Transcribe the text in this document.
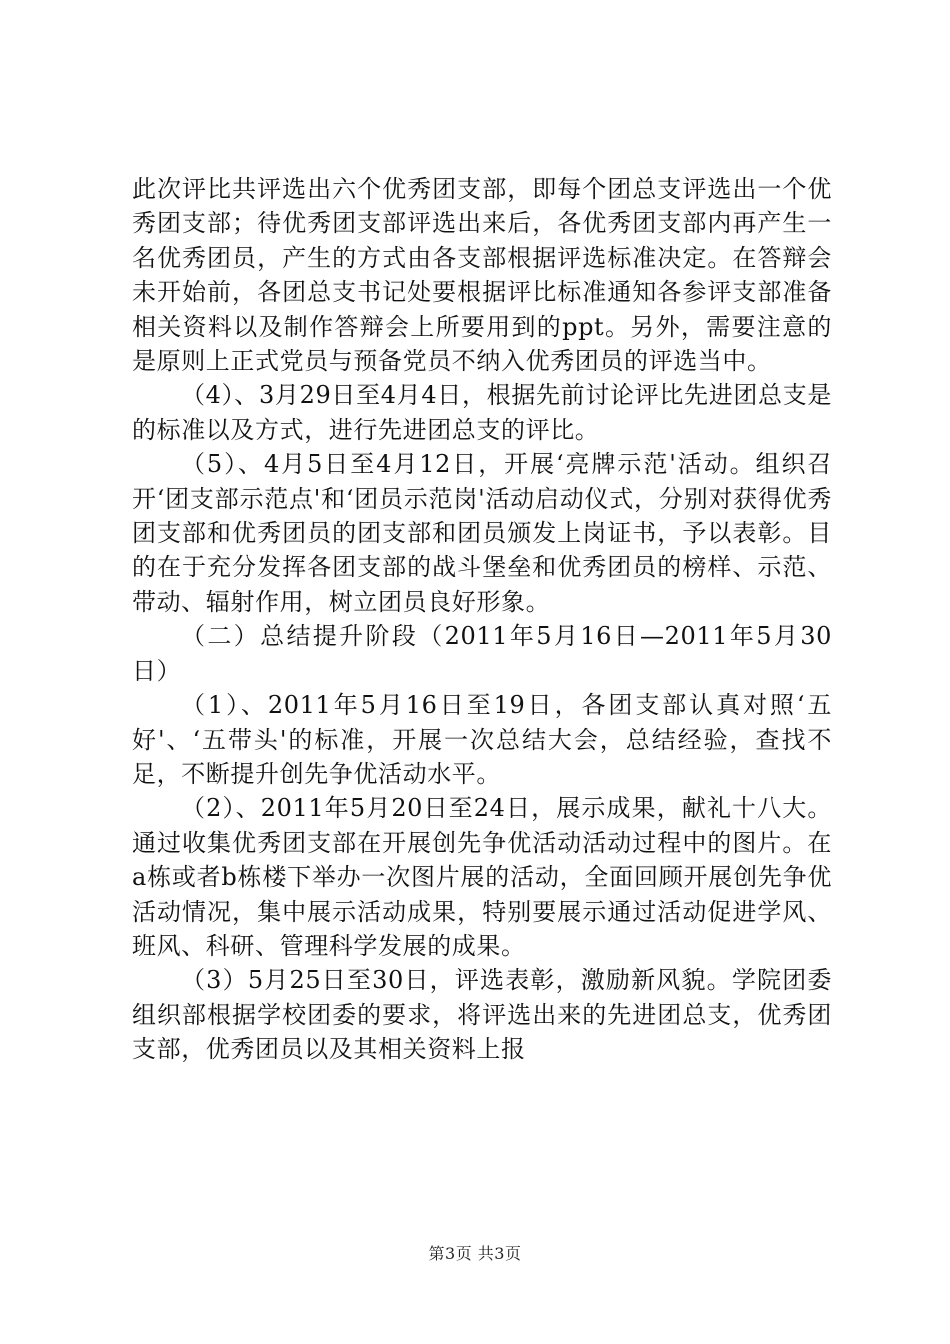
此次评比共评选出六个优秀团支部，即每个团总支评选出一个优秀团支部；待优秀团支部评选出来后，各优秀团支部内再产生一名优秀团员，产生的方式由各支部根据评选标准决定。在答辩会未开始前，各团总支书记处要根据评比标准通知各参评支部准备相关资料以及制作答辩会上所要用到的ppt。另外，需要注意的是原则上正式党员与预备党员不纳入优秀团员的评选当中。

（4）、3月29日至4月4日，根据先前讨论评比先进团总支是的标准以及方式，进行先进团总支的评比。

（5）、4月5日至4月12日，开展‘亮牌示范'活动。组织召开‘团支部示范点'和‘团员示范岗'活动启动仪式，分别对获得优秀团支部和优秀团员的团支部和团员颁发上岗证书，予以表彰。目的在于充分发挥各团支部的战斗堡垒和优秀团员的榜样、示范、带动、辐射作用，树立团员良好形象。

（二）总结提升阶段（2011年5月16日—2011年5月30日）

（1）、2011年5月16日至19日，各团支部认真对照‘五好'、‘五带头'的标准，开展一次总结大会，总结经验，查找不足，不断提升创先争优活动水平。

（2）、2011年5月20日至24日，展示成果，献礼十八大。通过收集优秀团支部在开展创先争优活动活动过程中的图片。在a栋或者b栋楼下举办一次图片展的活动，全面回顾开展创先争优活动情况，集中展示活动成果，特别要展示通过活动促进学风、班风、科研、管理科学发展的成果。

（3）5月25日至30日，评选表彰，激励新风貌。学院团委组织部根据学校团委的要求，将评选出来的先进团总支，优秀团支部，优秀团员以及其相关资料上报

第3页 共3页
